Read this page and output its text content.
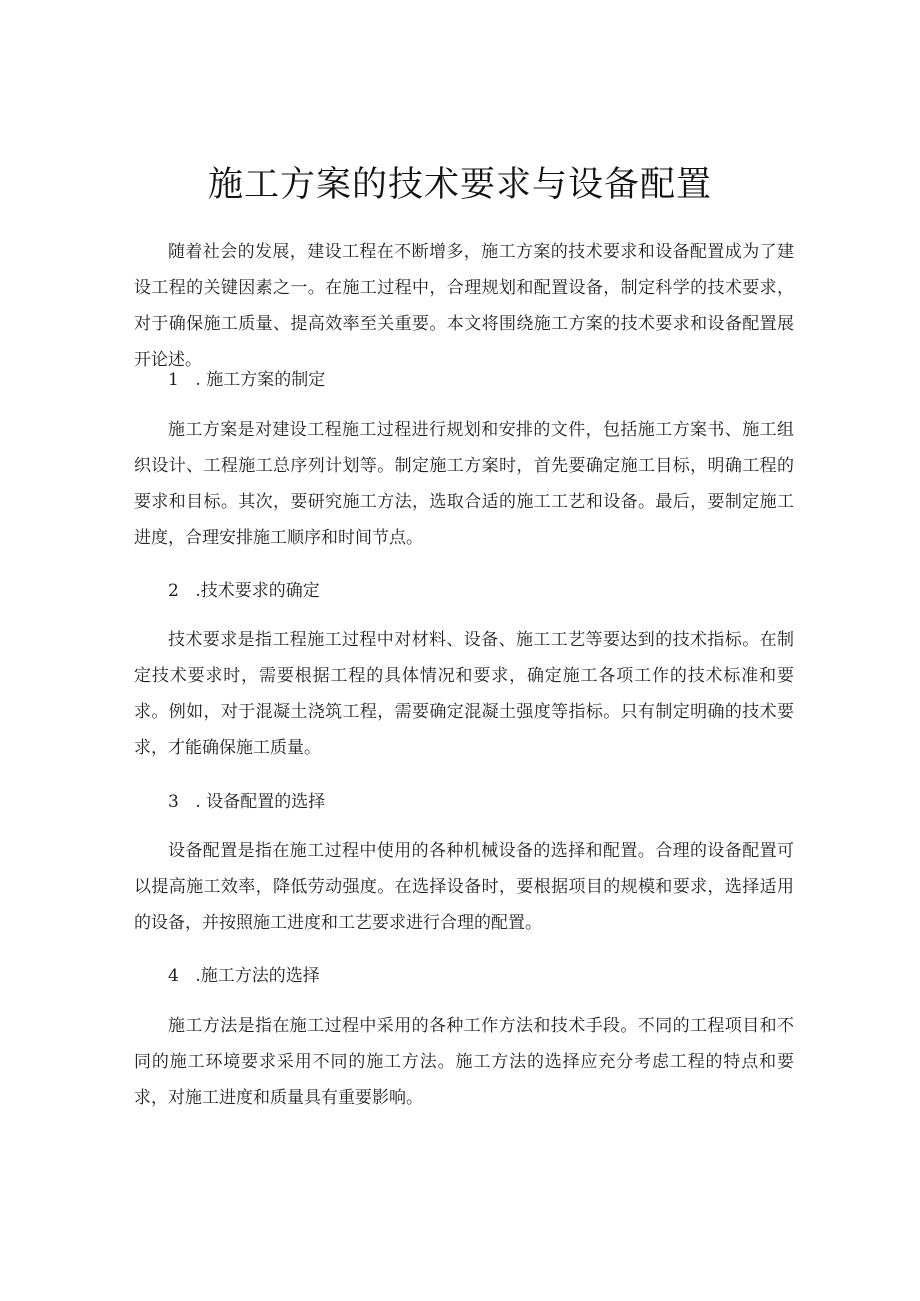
施工方案的技术要求与设备配置

随着社会的发展，建设工程在不断增多，施工方案的技术要求和设备配置成为了建设工程的关键因素之一。在施工过程中，合理规划和配置设备，制定科学的技术要求，对于确保施工质量、提高效率至关重要。本文将围绕施工方案的技术要求和设备配置展开论述。

1 . 施工方案的制定

施工方案是对建设工程施工过程进行规划和安排的文件，包括施工方案书、施工组织设计、工程施工总序列计划等。制定施工方案时，首先要确定施工目标，明确工程的要求和目标。其次，要研究施工方法，选取合适的施工工艺和设备。最后，要制定施工进度，合理安排施工顺序和时间节点。

2 .技术要求的确定

技术要求是指工程施工过程中对材料、设备、施工工艺等要达到的技术指标。在制定技术要求时，需要根据工程的具体情况和要求，确定施工各项工作的技术标准和要求。例如，对于混凝土浇筑工程，需要确定混凝土强度等指标。只有制定明确的技术要求，才能确保施工质量。

3 . 设备配置的选择

设备配置是指在施工过程中使用的各种机械设备的选择和配置。合理的设备配置可以提高施工效率，降低劳动强度。在选择设备时，要根据项目的规模和要求，选择适用的设备，并按照施工进度和工艺要求进行合理的配置。

4 .施工方法的选择

施工方法是指在施工过程中采用的各种工作方法和技术手段。不同的工程项目和不同的施工环境要求采用不同的施工方法。施工方法的选择应充分考虑工程的特点和要求，对施工进度和质量具有重要影响。
